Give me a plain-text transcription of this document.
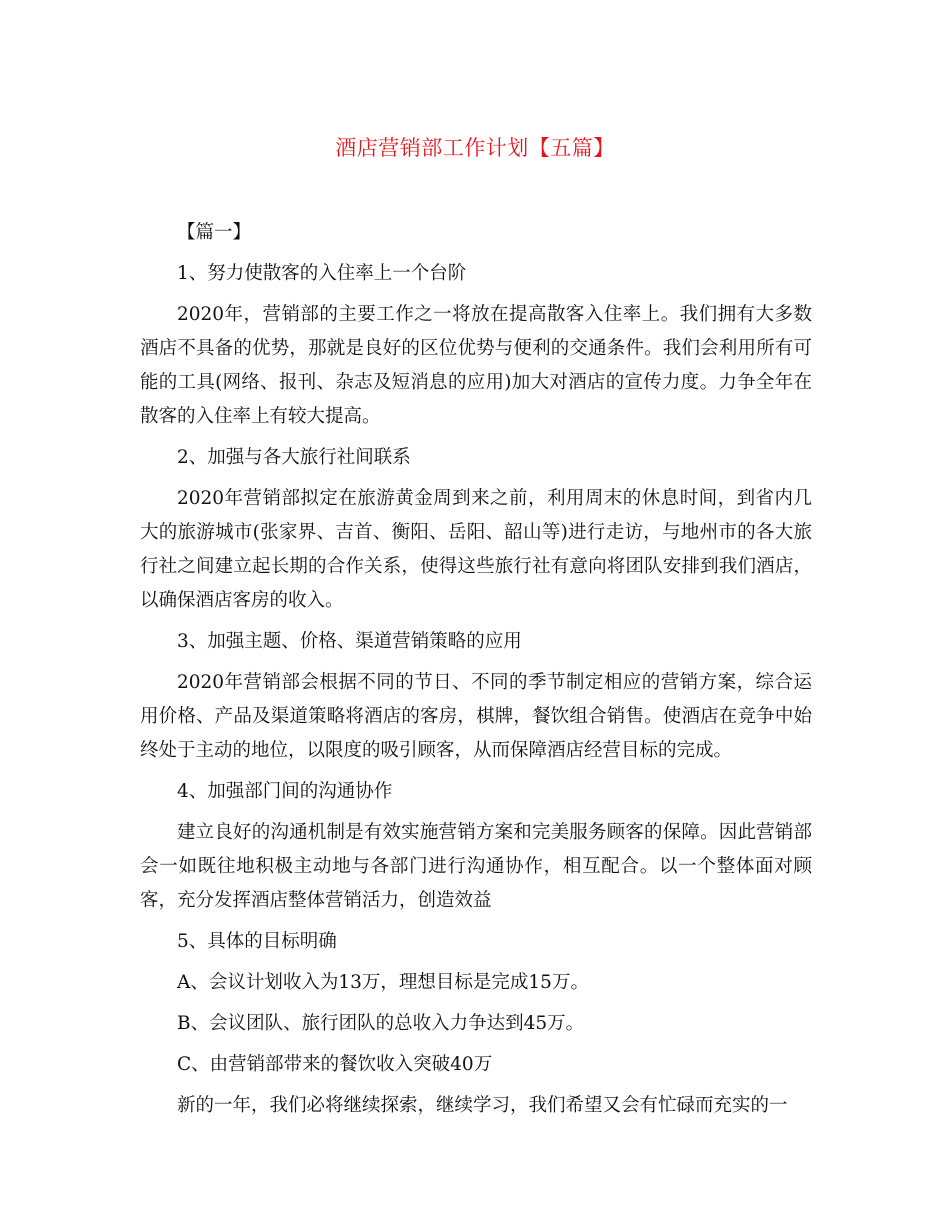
酒店营销部工作计划【五篇】

【篇一】

1、努力使散客的入住率上一个台阶

2020年，营销部的主要工作之一将放在提高散客入住率上。我们拥有大多数酒店不具备的优势，那就是良好的区位优势与便利的交通条件。我们会利用所有可能的工具(网络、报刊、杂志及短消息的应用)加大对酒店的宣传力度。力争全年在散客的入住率上有较大提高。

2、加强与各大旅行社间联系

2020年营销部拟定在旅游黄金周到来之前，利用周末的休息时间，到省内几大的旅游城市(张家界、吉首、衡阳、岳阳、韶山等)进行走访，与地州市的各大旅行社之间建立起长期的合作关系，使得这些旅行社有意向将团队安排到我们酒店，以确保酒店客房的收入。

3、加强主题、价格、渠道营销策略的应用

2020年营销部会根据不同的节日、不同的季节制定相应的营销方案，综合运用价格、产品及渠道策略将酒店的客房，棋牌，餐饮组合销售。使酒店在竞争中始终处于主动的地位，以限度的吸引顾客，从而保障酒店经营目标的完成。

4、加强部门间的沟通协作

建立良好的沟通机制是有效实施营销方案和完美服务顾客的保障。因此营销部会一如既往地积极主动地与各部门进行沟通协作，相互配合。以一个整体面对顾客，充分发挥酒店整体营销活力，创造效益

5、具体的目标明确

A、会议计划收入为13万，理想目标是完成15万。

B、会议团队、旅行团队的总收入力争达到45万。

C、由营销部带来的餐饮收入突破40万

新的一年，我们必将继续探索，继续学习，我们希望又会有忙碌而充实的一
